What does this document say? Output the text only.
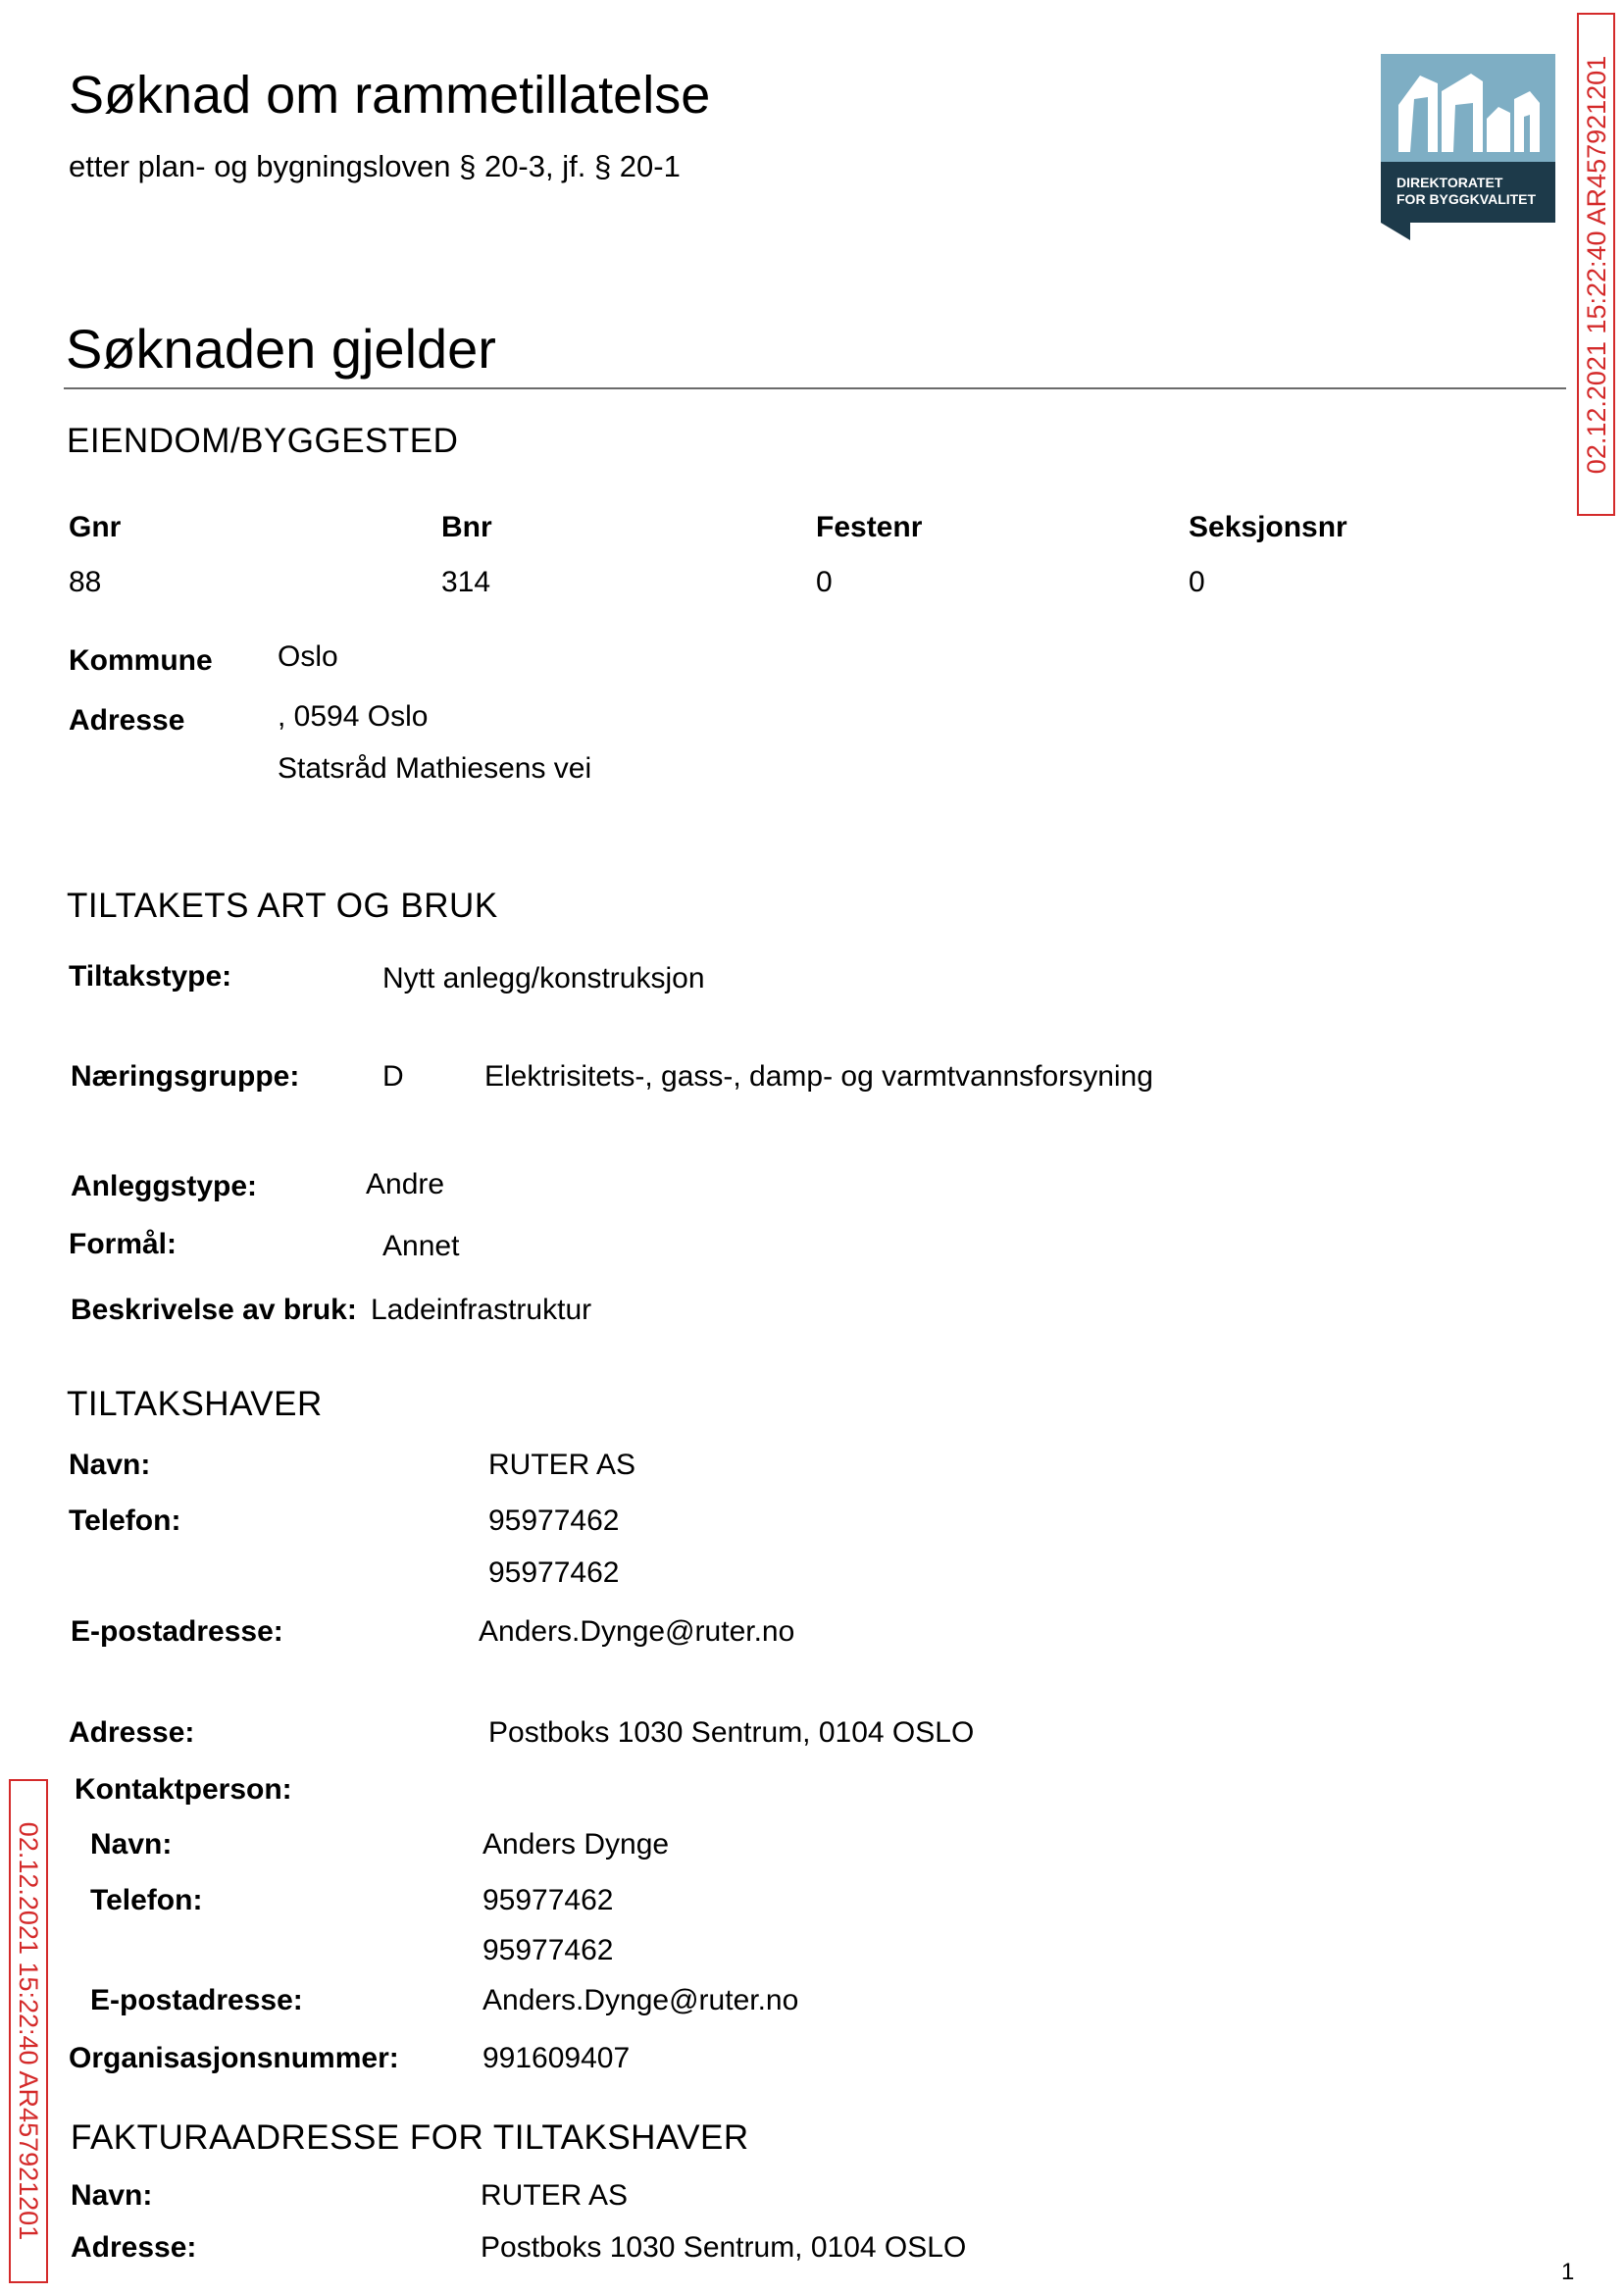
Søknad om rammetillatelse
etter plan- og bygningsloven § 20-3, jf. § 20-1	DIREKTORATET
FOR BYGGKVALITET 02.12.2021 15:22:40 AR457921201
02.12.2021 15:22:40 AR457921201
Søknaden gjelder
EIENDOM/BYGGESTED
Gnr	Bnr	Festenr	Seksjonsnr
88	314	0	0
Kommune Oslo
Adresse	, 0594 Oslo
Statsråd Mathiesens vei
TILTAKETS ART OG BRUK
Tiltakstype:	Nytt anlegg/konstruksjon
Næringsgruppe:	D	Elektrisitets-, gass-, damp- og varmtvannsforsyning
Anleggstype:	Andre
Formål:	Annet
Beskrivelse av bruk: Ladeinfrastruktur
TILTAKSHAVER
Navn:	RUTER AS
Telefon:	95977462
95977462
E-postadresse:	Anders.Dynge@ruter.no
Adresse:	Postboks 1030 Sentrum, 0104 OSLO
Kontaktperson:
Navn:	Anders Dynge
Telefon:	95977462
95977462
E-postadresse:	Anders.Dynge@ruter.no
Organisasjonsnummer:	991609407
FAKTURAADRESSE FOR TILTAKSHAVER
Navn:	RUTER AS
Adresse:	Postboks 1030 Sentrum, 0104 OSLO
1
